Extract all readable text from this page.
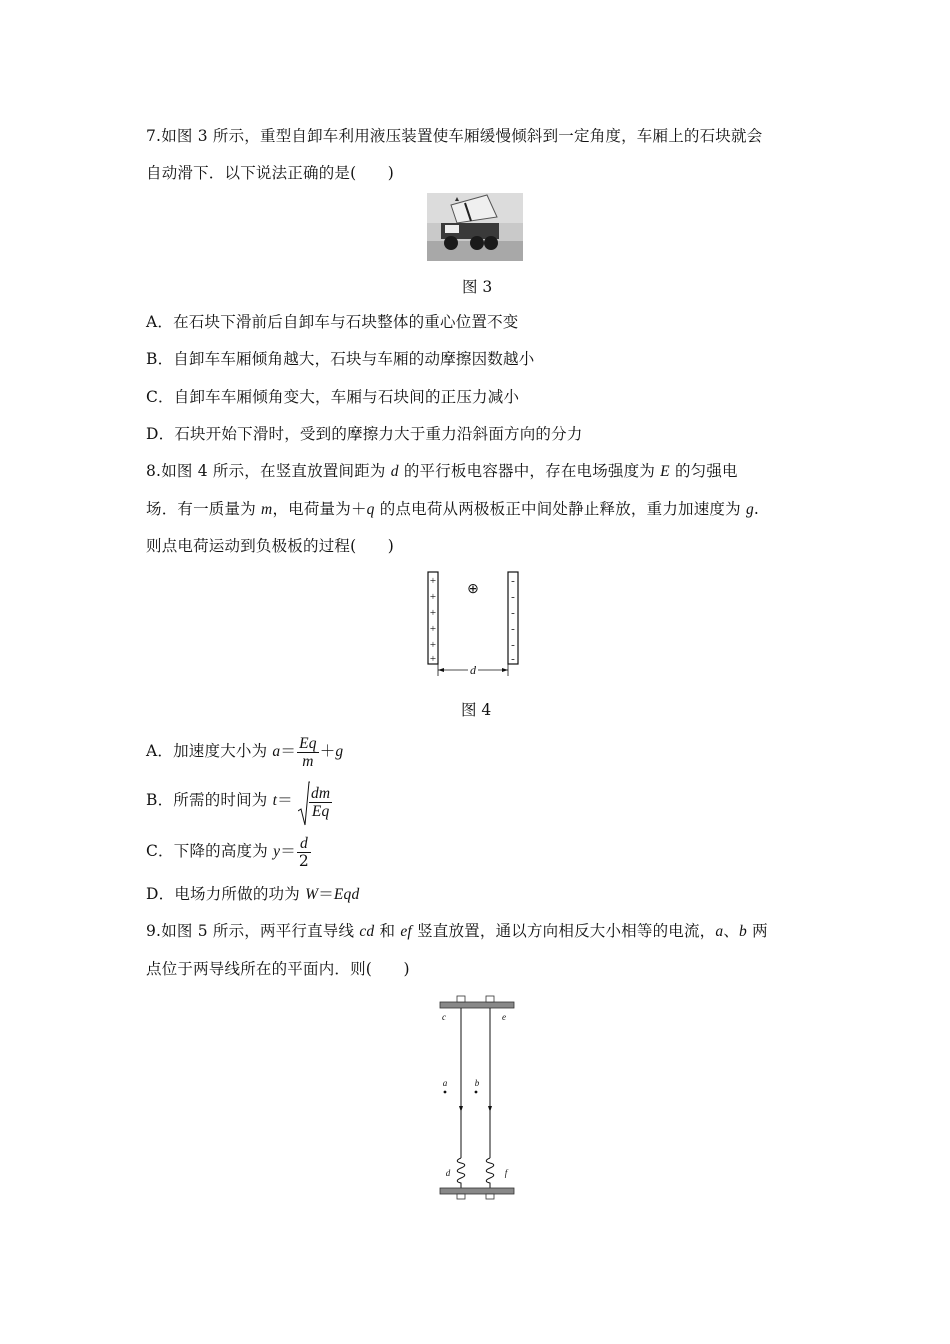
7.如图 3 所示，重型自卸车利用液压装置使车厢缓慢倾斜到一定角度，车厢上的石块就会
自动滑下．以下说法正确的是(　　)
图 3
A．在石块下滑前后自卸车与石块整体的重心位置不变
B．自卸车车厢倾角越大，石块与车厢的动摩擦因数越小
C．自卸车车厢倾角变大，车厢与石块间的正压力减小
D．石块开始下滑时，受到的摩擦力大于重力沿斜面方向的分力
8.如图 4 所示，在竖直放置间距为 d 的平行板电容器中，存在电场强度为 E 的匀强电
场．有一质量为 m，电荷量为＋q 的点电荷从两极板正中间处静止释放，重力加速度为 g.
则点电荷运动到负极板的过程(　　)
+
+
+
+
+
+
-
-
-
-
-
-
⊕
d
图 4
A．加速度大小为 $a= \frac{Eq}{m} +g$
B．所需的时间为 $t= \frac{dm}{Eq}$
C．下降的高度为 $y= \frac{d}{2}$
D．电场力所做的功为 W＝Eqd
9.如图 5 所示，两平行直导线 cd 和 ef 竖直放置，通以方向相反大小相等的电流，a、b 两
点位于两导线所在的平面内．则(　　)
c	e
a	b
d	f
